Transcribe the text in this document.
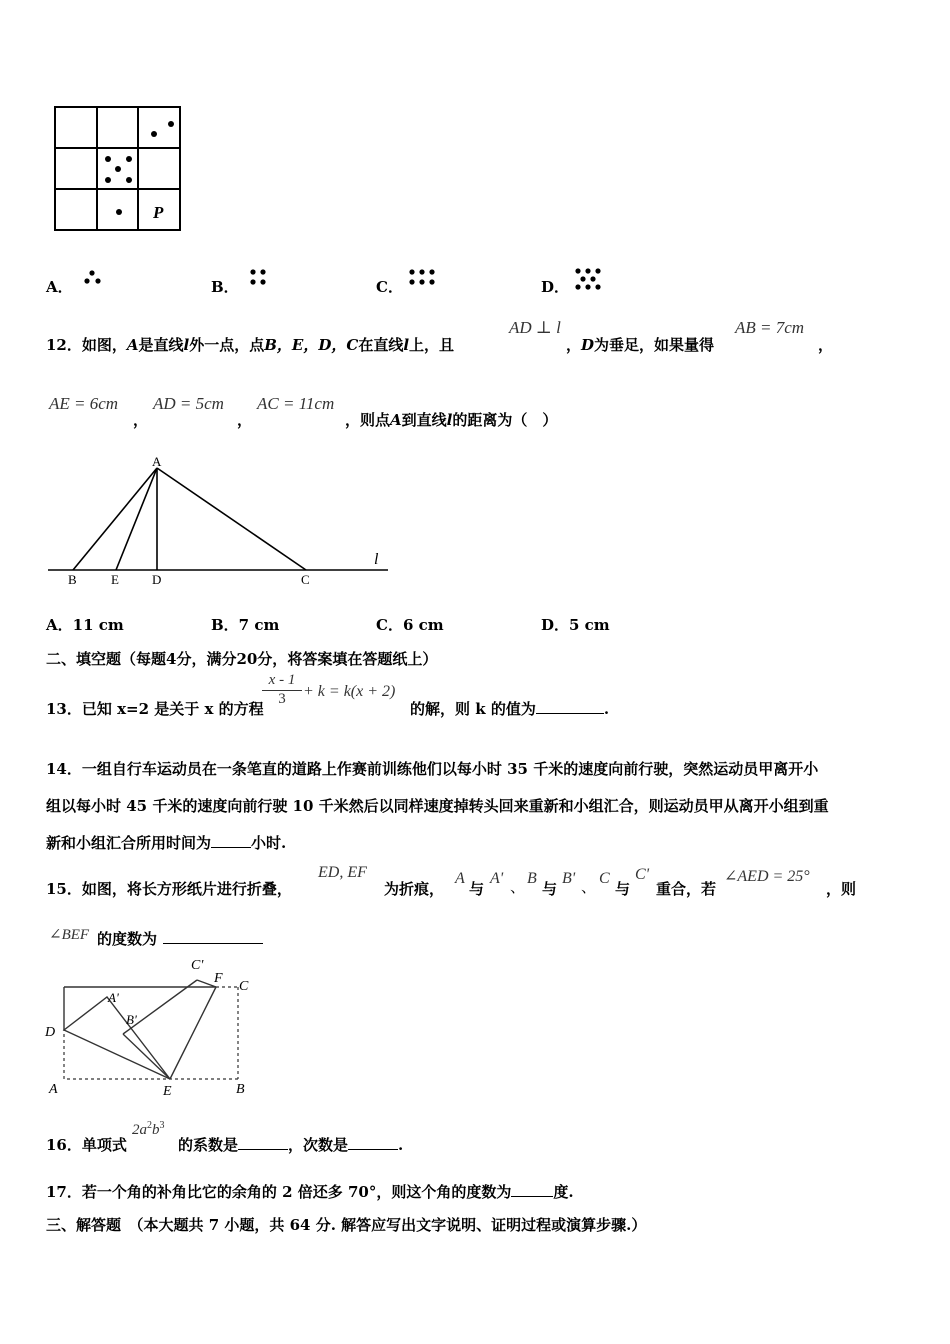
P
A．	B．	C．	D．
12．如图，A是直线l外一点，点B，E，D，C在直线l上，且
AD ⊥ l
，D为垂足，如果量得
AB = 7cm
，
AE = 6cm
，
AD = 5cm
，
AC = 11cm
，则点A到直线l的距离为（　）
A
B	E	D	C
l
A．11 cm	B．7 cm	C．6 cm	D．5 cm
二、填空题（每题4分，满分20分，将答案填在答题纸上）
13．已知 x=2 是关于 x 的方程
$\frac{x - 1}{3} + k = k(x + 2)$
的解，则 k 的值为	.
14．一组自行车运动员在一条笔直的道路上作赛前训练他们以每小时 35 千米的速度向前行驶，突然运动员甲离开小
组以每小时 45 千米的速度向前行驶 10 千米然后以同样速度掉转头回来重新和小组汇合，则运动员甲从离开小组到重
新和小组汇合所用时间为	小时.
15．如图，将长方形纸片进行折叠，
ED, EF
为折痕，
A
与
A' 、 B
与
B' 、 C
与
C'
重合，若
∠AED = 25°
，则
∠BEF 的度数为
C'
F
C
A'
B'
D
A	E	B
16．单项式
$2a^2b^3$
的系数是	，次数是	.
17．若一个角的补角比它的余角的 2 倍还多 70°，则这个角的度数为	度.
三、解答题　（本大题共 7 小题，共 64 分. 解答应写出文字说明、证明过程或演算步骤.）
